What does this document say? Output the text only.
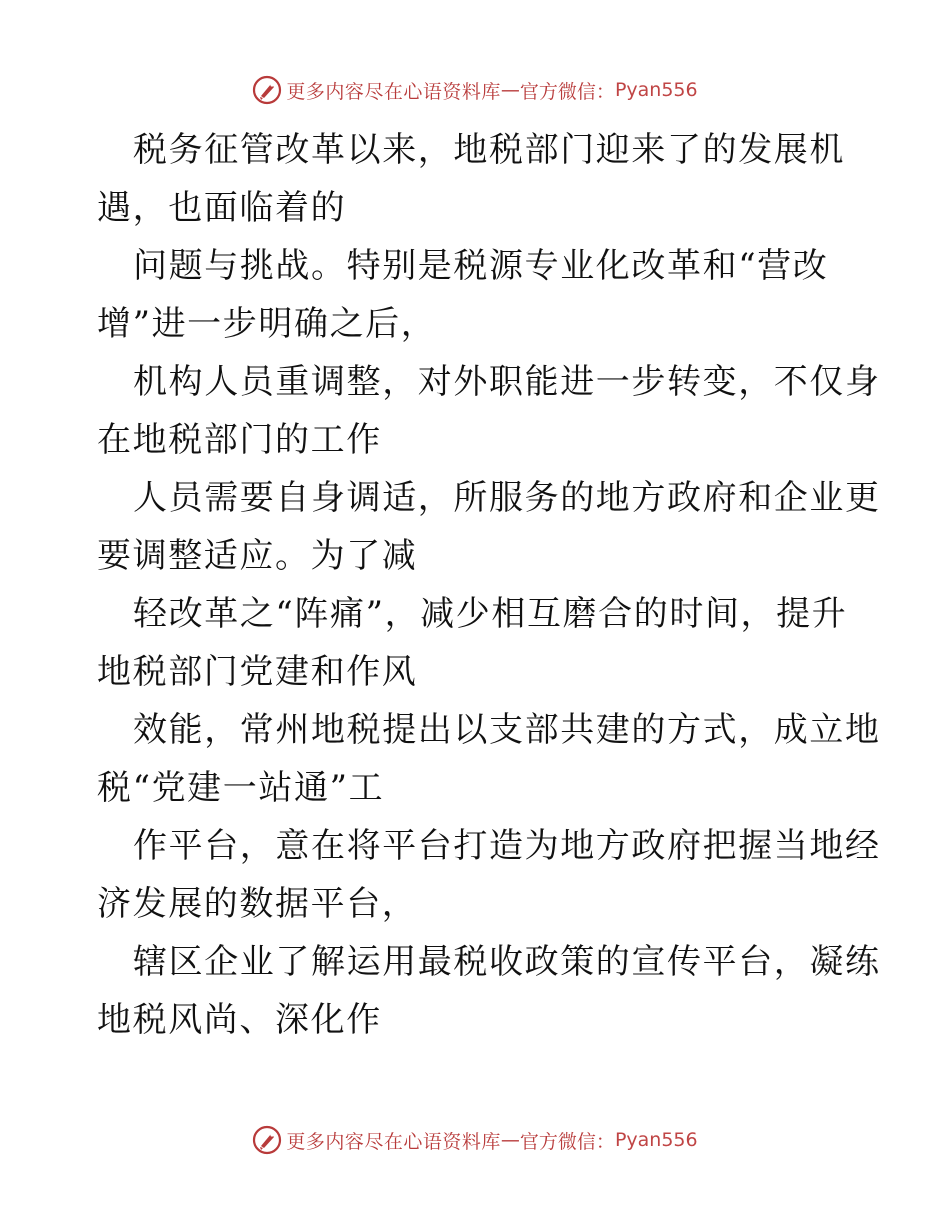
更多内容尽在心语资料库 — 官方微信： Pyan556
税务征管改革以来，地税部门迎来了的发展机
遇，也面临着的
问题与挑战。特别是税源专业化改革和“营改
增”进一步明确之后，
机构人员重调整，对外职能进一步转变，不仅身
在地税部门的工作
人员需要自身调适，所服务的地方政府和企业更
要调整适应。为了减
轻改革之“阵痛”，减少相互磨合的时间，提升
地税部门党建和作风
效能，常州地税提出以支部共建的方式，成立地
税“党建一站通”工
作平台，意在将平台打造为地方政府把握当地经
济发展的数据平台，
辖区企业了解运用最税收政策的宣传平台，凝练
地税风尚、深化作
更多内容尽在心语资料库 — 官方微信： Pyan556
